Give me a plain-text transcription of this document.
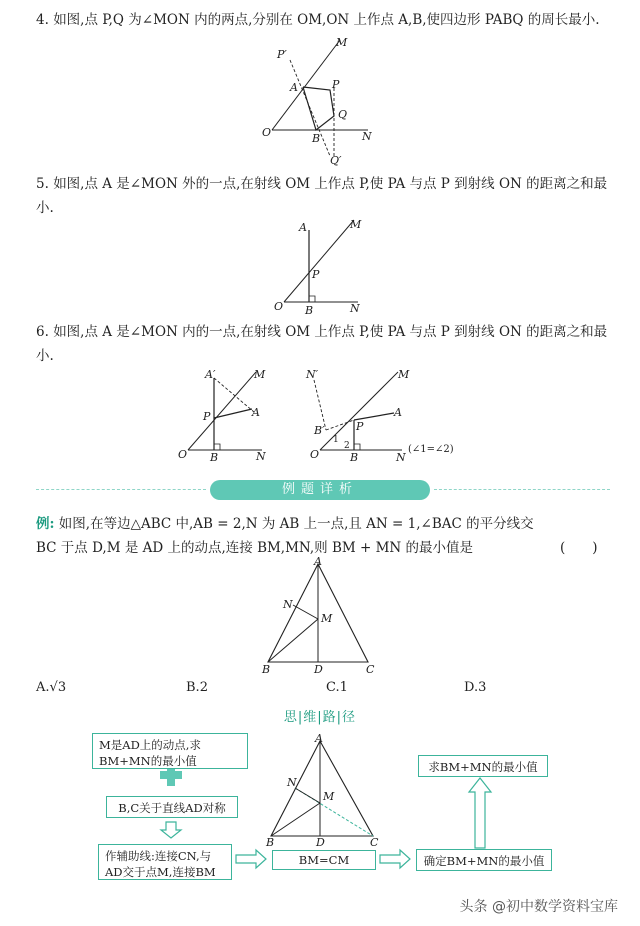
4. 如图,点 P,Q 为∠MON 内的两点,分别在 OM,ON 上作点 A,B,使四边形 PABQ 的周长最小.
M
P′
A	P
Q
O	B	N
Q′
5. 如图,点 A 是∠MON 外的一点,在射线 OM 上作点 P,使 PA 与点 P 到射线 ON 的距离之和最小.
A	M
P
O B	N
6. 如图,点 A 是∠MON 内的一点,在射线 OM 上作点 P,使 PA 与点 P 到射线 ON 的距离之和最小.
A′	M
P	A
O B	N
N′	M
A
P
B′
1
2
B
O	N
(∠1=∠2)
例题详析
例: 如图,在等边△ABC 中,AB = 2,N 为 AB 上一点,且 AN = 1,∠BAC 的平分线交 BC 于点 D,M 是 AD 上的动点,连接 BM,MN,则 BM + MN 的最小值是	(　　)
A
N
M
B	D	C
A.√3	B.2	C.1	D.3
思|维|路|径
A
N
M
B	D	C
M是AD上的动点,求BM+MN的最小值
B,C关于直线AD对称
作辅助线:连接CN,与AD交于点M,连接BM
BM=CM	确定BM+MN的最小值
求BM+MN的最小值
头条 @初中数学资料宝库
